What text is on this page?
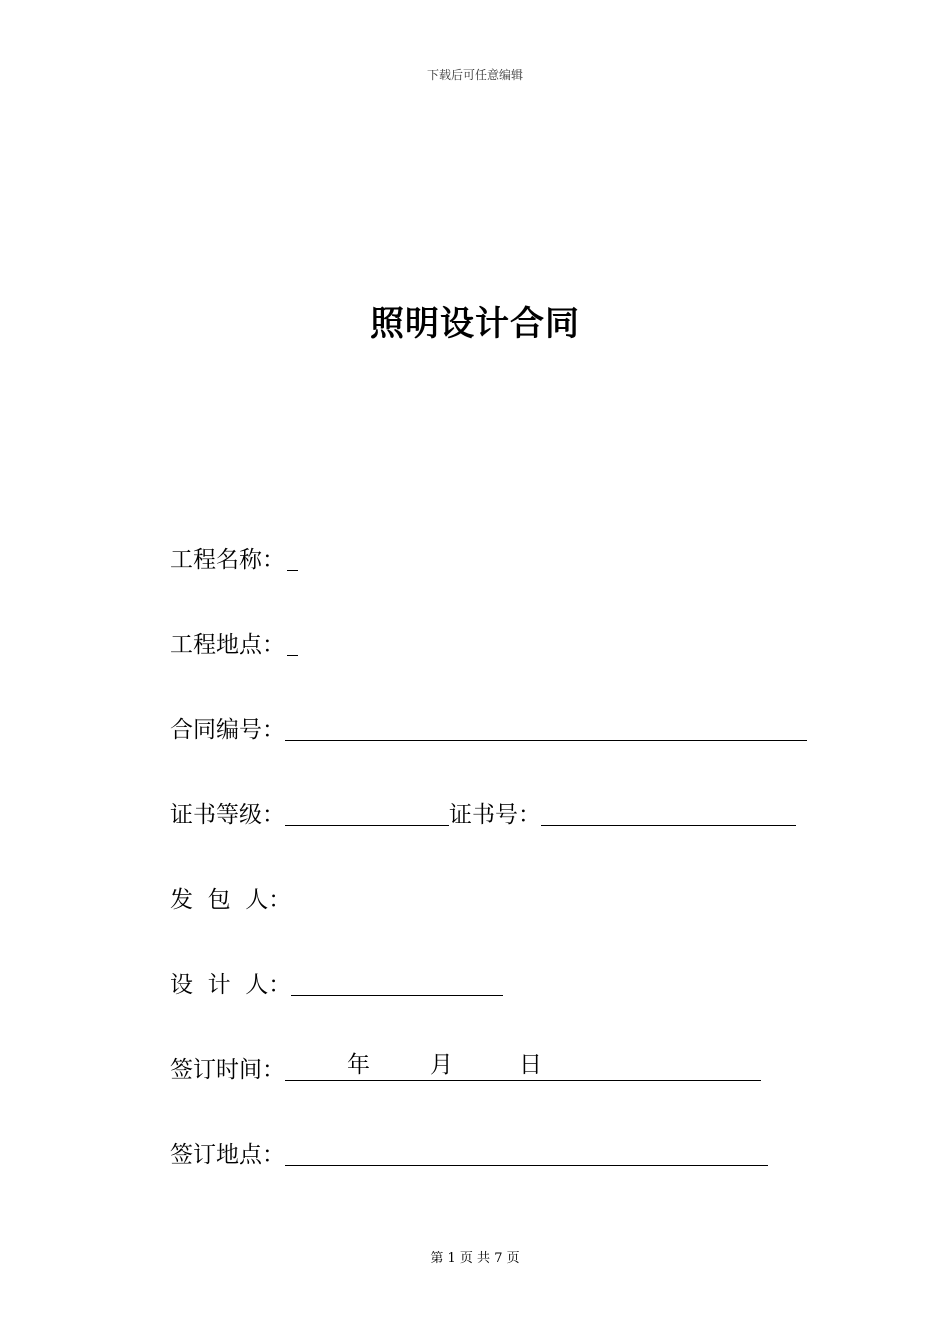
下载后可任意编辑
照明设计合同
工程名称：
工程地点：
合同编号：
证书等级：	证书号：
发  包  人：
设  计  人：
签订时间：	年	月	日
签订地点：
第 1 页 共 7 页
